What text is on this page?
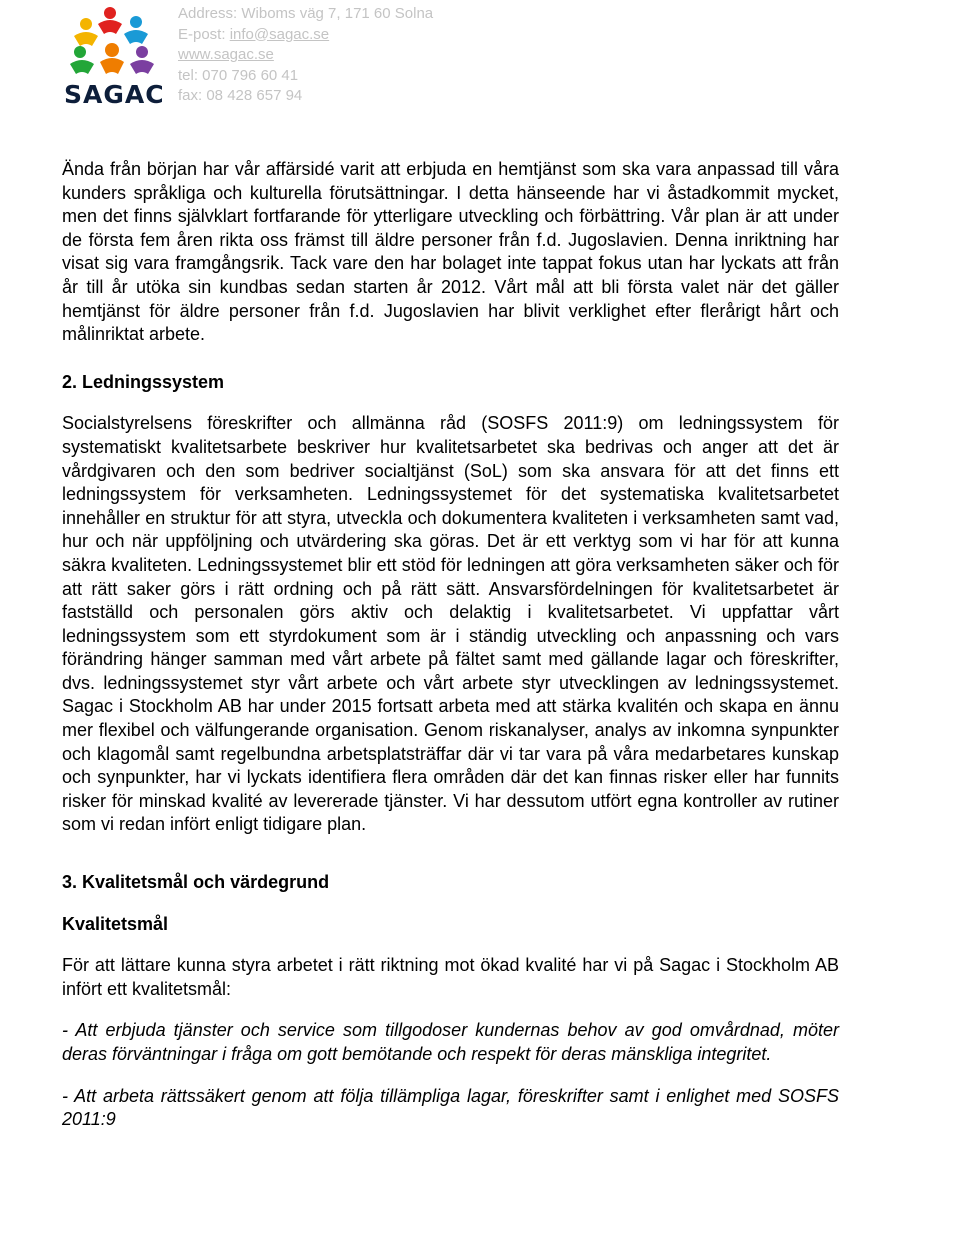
SAGAC
Address: Wiboms väg 7, 171 60 Solna
E-post: info@sagac.se
www.sagac.se
tel: 070 796 60 41
fax: 08 428 657 94

Ända från början har vår affärsidé varit att erbjuda en hemtjänst som ska vara anpassad till våra kunders språkliga och kulturella förutsättningar. I detta hänseende har vi åstadkommit mycket, men det finns självklart fortfarande för ytterligare utveckling och förbättring. Vår plan är att under de första fem åren rikta oss främst till äldre personer från f.d. Jugoslavien. Denna inriktning har visat sig vara framgångsrik. Tack vare den har bolaget inte tappat fokus utan har lyckats att från år till år utöka sin kundbas sedan starten år 2012. Vårt mål att bli första valet när det gäller hemtjänst för äldre personer från f.d. Jugoslavien har blivit verklighet efter flerårigt hårt och målinriktat arbete.

2. Ledningssystem

Socialstyrelsens föreskrifter och allmänna råd (SOSFS 2011:9) om ledningssystem för systematiskt kvalitetsarbete beskriver hur kvalitetsarbetet ska bedrivas och anger att det är vårdgivaren och den som bedriver socialtjänst (SoL) som ska ansvara för att det finns ett ledningssystem för verksamheten. Ledningssystemet för det systematiska kvalitetsarbetet innehåller en struktur för att styra, utveckla och dokumentera kvaliteten i verksamheten samt vad, hur och när uppföljning och utvärdering ska göras. Det är ett verktyg som vi har för att kunna säkra kvaliteten. Ledningssystemet blir ett stöd för ledningen att göra verksamheten säker och för att rätt saker görs i rätt ordning och på rätt sätt. Ansvarsfördelningen för kvalitetsarbetet är fastställd och personalen görs aktiv och delaktig i kvalitetsarbetet. Vi uppfattar vårt ledningssystem som ett styrdokument som är i ständig utveckling och anpassning och vars förändring hänger samman med vårt arbete på fältet samt med gällande lagar och föreskrifter, dvs. ledningssystemet styr vårt arbete och vårt arbete styr utvecklingen av ledningssystemet. Sagac i Stockholm AB har under 2015 fortsatt arbeta med att stärka kvalitén och skapa en ännu mer flexibel och välfungerande organisation. Genom riskanalyser, analys av inkomna synpunkter och klagomål samt regelbundna arbetsplatsträffar där vi tar vara på våra medarbetares kunskap och synpunkter, har vi lyckats identifiera flera områden där det kan finnas risker eller har funnits risker för minskad kvalité av levererade tjänster. Vi har dessutom utfört egna kontroller av rutiner som vi redan infört enligt tidigare plan.

3. Kvalitetsmål och värdegrund

Kvalitetsmål

För att lättare kunna styra arbetet i rätt riktning mot ökad kvalité har vi på Sagac i Stockholm AB infört ett kvalitetsmål:

- Att erbjuda tjänster och service som tillgodoser kundernas behov av god omvårdnad, möter deras förväntningar i fråga om gott bemötande och respekt för deras mänskliga integritet.

- Att arbeta rättssäkert genom att följa tillämpliga lagar, föreskrifter samt i enlighet med SOSFS 2011:9
